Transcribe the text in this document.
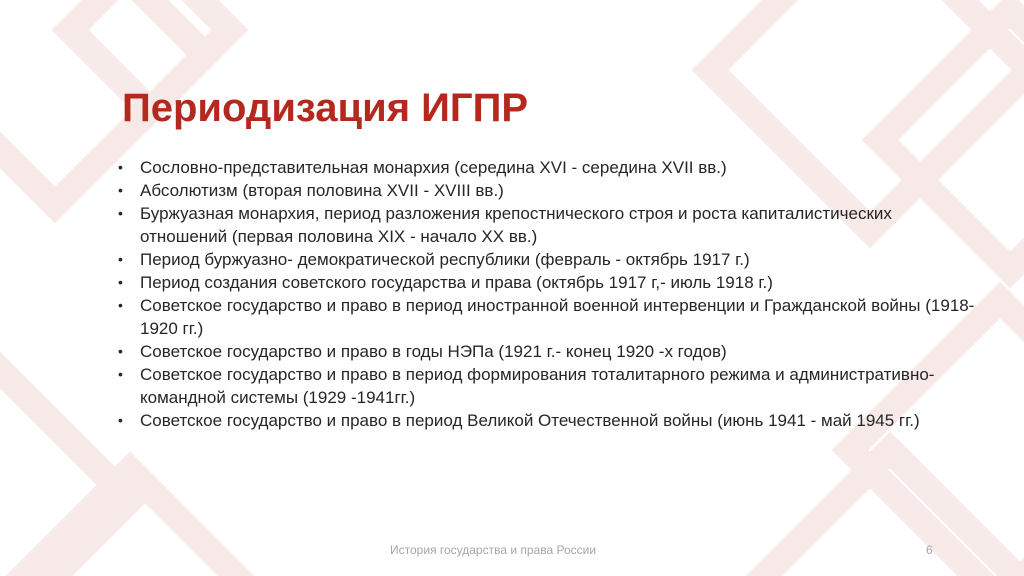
Периодизация ИГПР
• Сословно-представительная монархия (середина XVI - середина XVII вв.)
• Абсолютизм (вторая половина XVII - XVIII вв.)
• Буржуазная монархия, период разложения крепостнического строя и роста капиталистических отношений (первая половина XIX - начало XX вв.)
• Период буржуазно- демократической республики (февраль - октябрь 1917 г.)
• Период создания советского государства и права (октябрь 1917 г,- июль 1918 г.)
• Советское государство и право в период иностранной военной интервенции и Гражданской войны (1918-1920 гг.)
• Советское государство и право в годы НЭПа (1921 г.- конец 1920 -х годов)
• Советское государство и право в период формирования тоталитарного режима и административно-командной системы (1929 -1941гг.)
• Советское государство и право в период Великой Отечественной войны (июнь 1941 - май 1945 гг.)
История государства и права России	6
